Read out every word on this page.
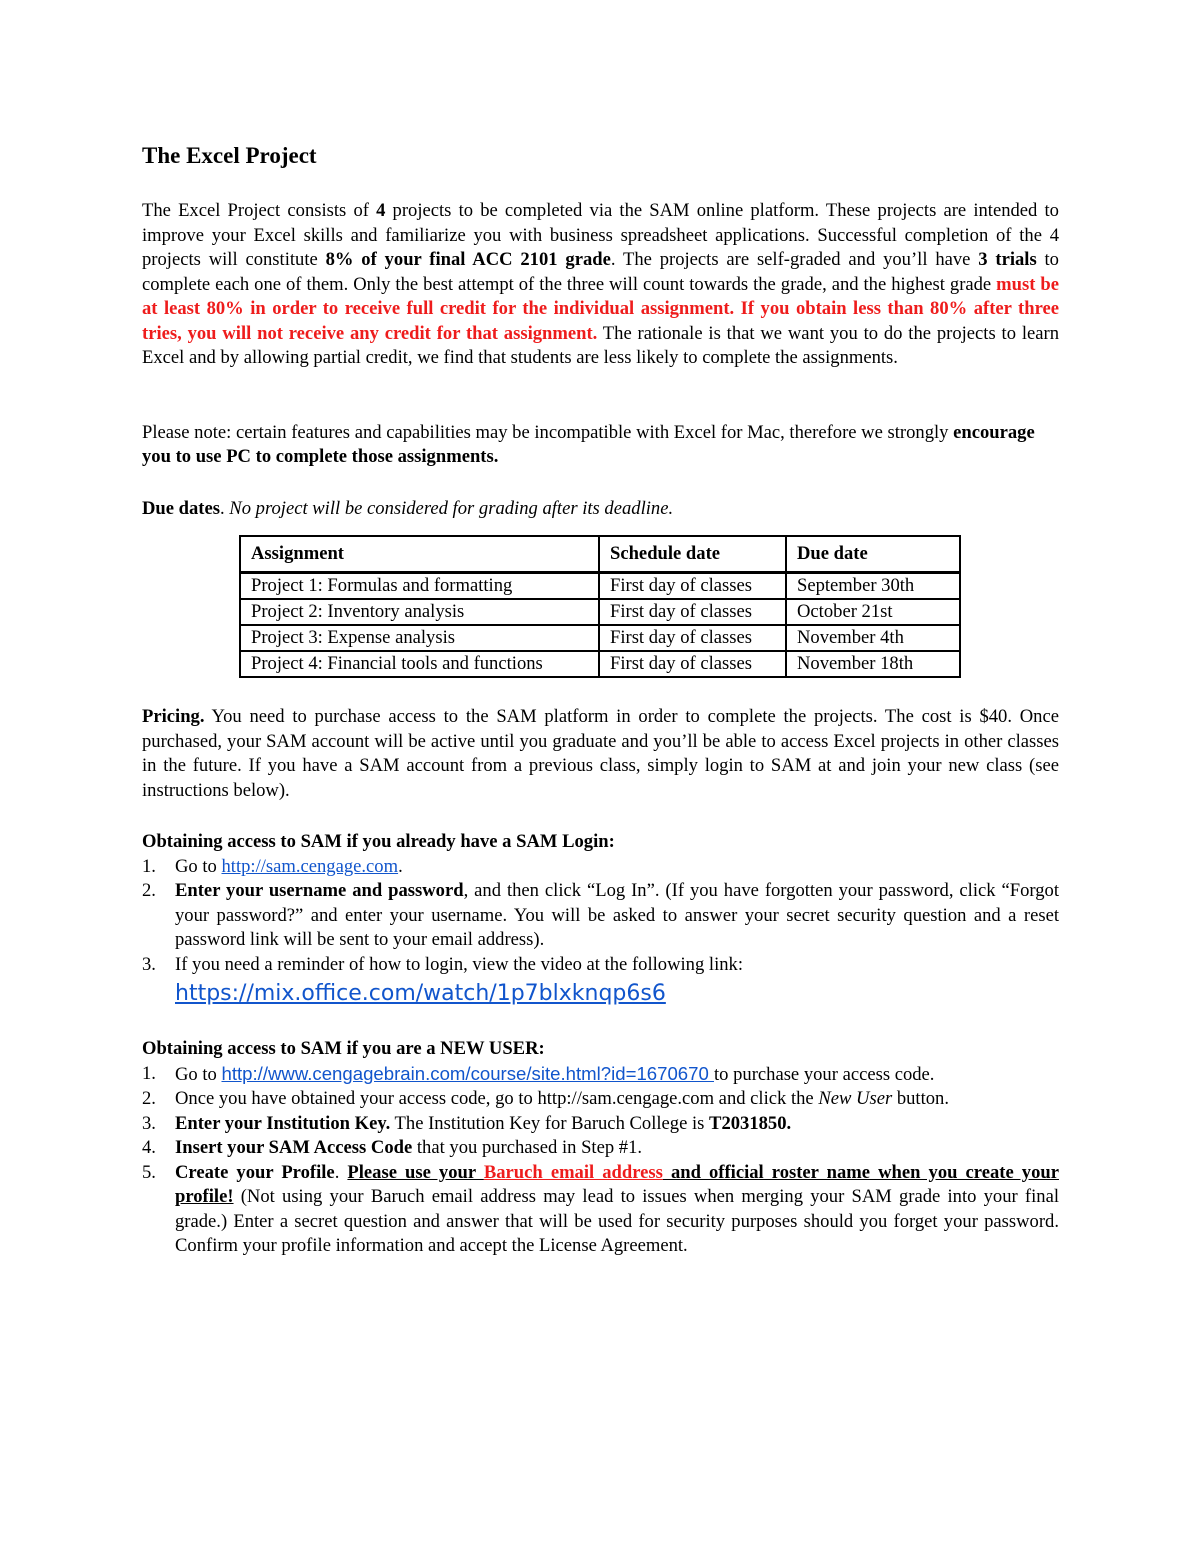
The Excel Project

The Excel Project consists of 4 projects to be completed via the SAM online platform. These projects are intended to improve your Excel skills and familiarize you with business spreadsheet applications. Successful completion of the 4 projects will constitute 8% of your final ACC 2101 grade. The projects are self-graded and you’ll have 3 trials to complete each one of them. Only the best attempt of the three will count towards the grade, and the highest grade must be at least 80% in order to receive full credit for the individual assignment. If you obtain less than 80% after three tries, you will not receive any credit for that assignment. The rationale is that we want you to do the projects to learn Excel and by allowing partial credit, we find that students are less likely to complete the assignments.

Please note: certain features and capabilities may be incompatible with Excel for Mac, therefore we strongly encourage you to use PC to complete those assignments.

Due dates. No project will be considered for grading after its deadline.

Assignment	Schedule date	Due date
Project 1: Formulas and formatting	First day of classes	September 30th
Project 2: Inventory analysis	First day of classes	October 21st
Project 3: Expense analysis	First day of classes	November 4th
Project 4: Financial tools and functions	First day of classes	November 18th

Pricing. You need to purchase access to the SAM platform in order to complete the projects. The cost is $40. Once purchased, your SAM account will be active until you graduate and you’ll be able to access Excel projects in other classes in the future. If you have a SAM account from a previous class, simply login to SAM at and join your new class (see instructions below).

Obtaining access to SAM if you already have a SAM Login:

1. Go to http://sam.cengage.com.
2. Enter your username and password, and then click “Log In”. (If you have forgotten your password, click “Forgot your password?” and enter your username. You will be asked to answer your secret security question and a reset password link will be sent to your email address).
3. If you need a reminder of how to login, view the video at the following link:
https://mix.office.com/watch/1p7blxknqp6s6

Obtaining access to SAM if you are a NEW USER:

1. Go to http://www.cengagebrain.com/course/site.html?id=1670670 to purchase your access code.
2. Once you have obtained your access code, go to http://sam.cengage.com and click the New User button.
3. Enter your Institution Key. The Institution Key for Baruch College is T2031850.
4. Insert your SAM Access Code that you purchased in Step #1.
5. Create your Profile. Please use your Baruch email address and official roster name when you create your profile! (Not using your Baruch email address may lead to issues when merging your SAM grade into your final grade.) Enter a secret question and answer that will be used for security purposes should you forget your password. Confirm your profile information and accept the License Agreement.
